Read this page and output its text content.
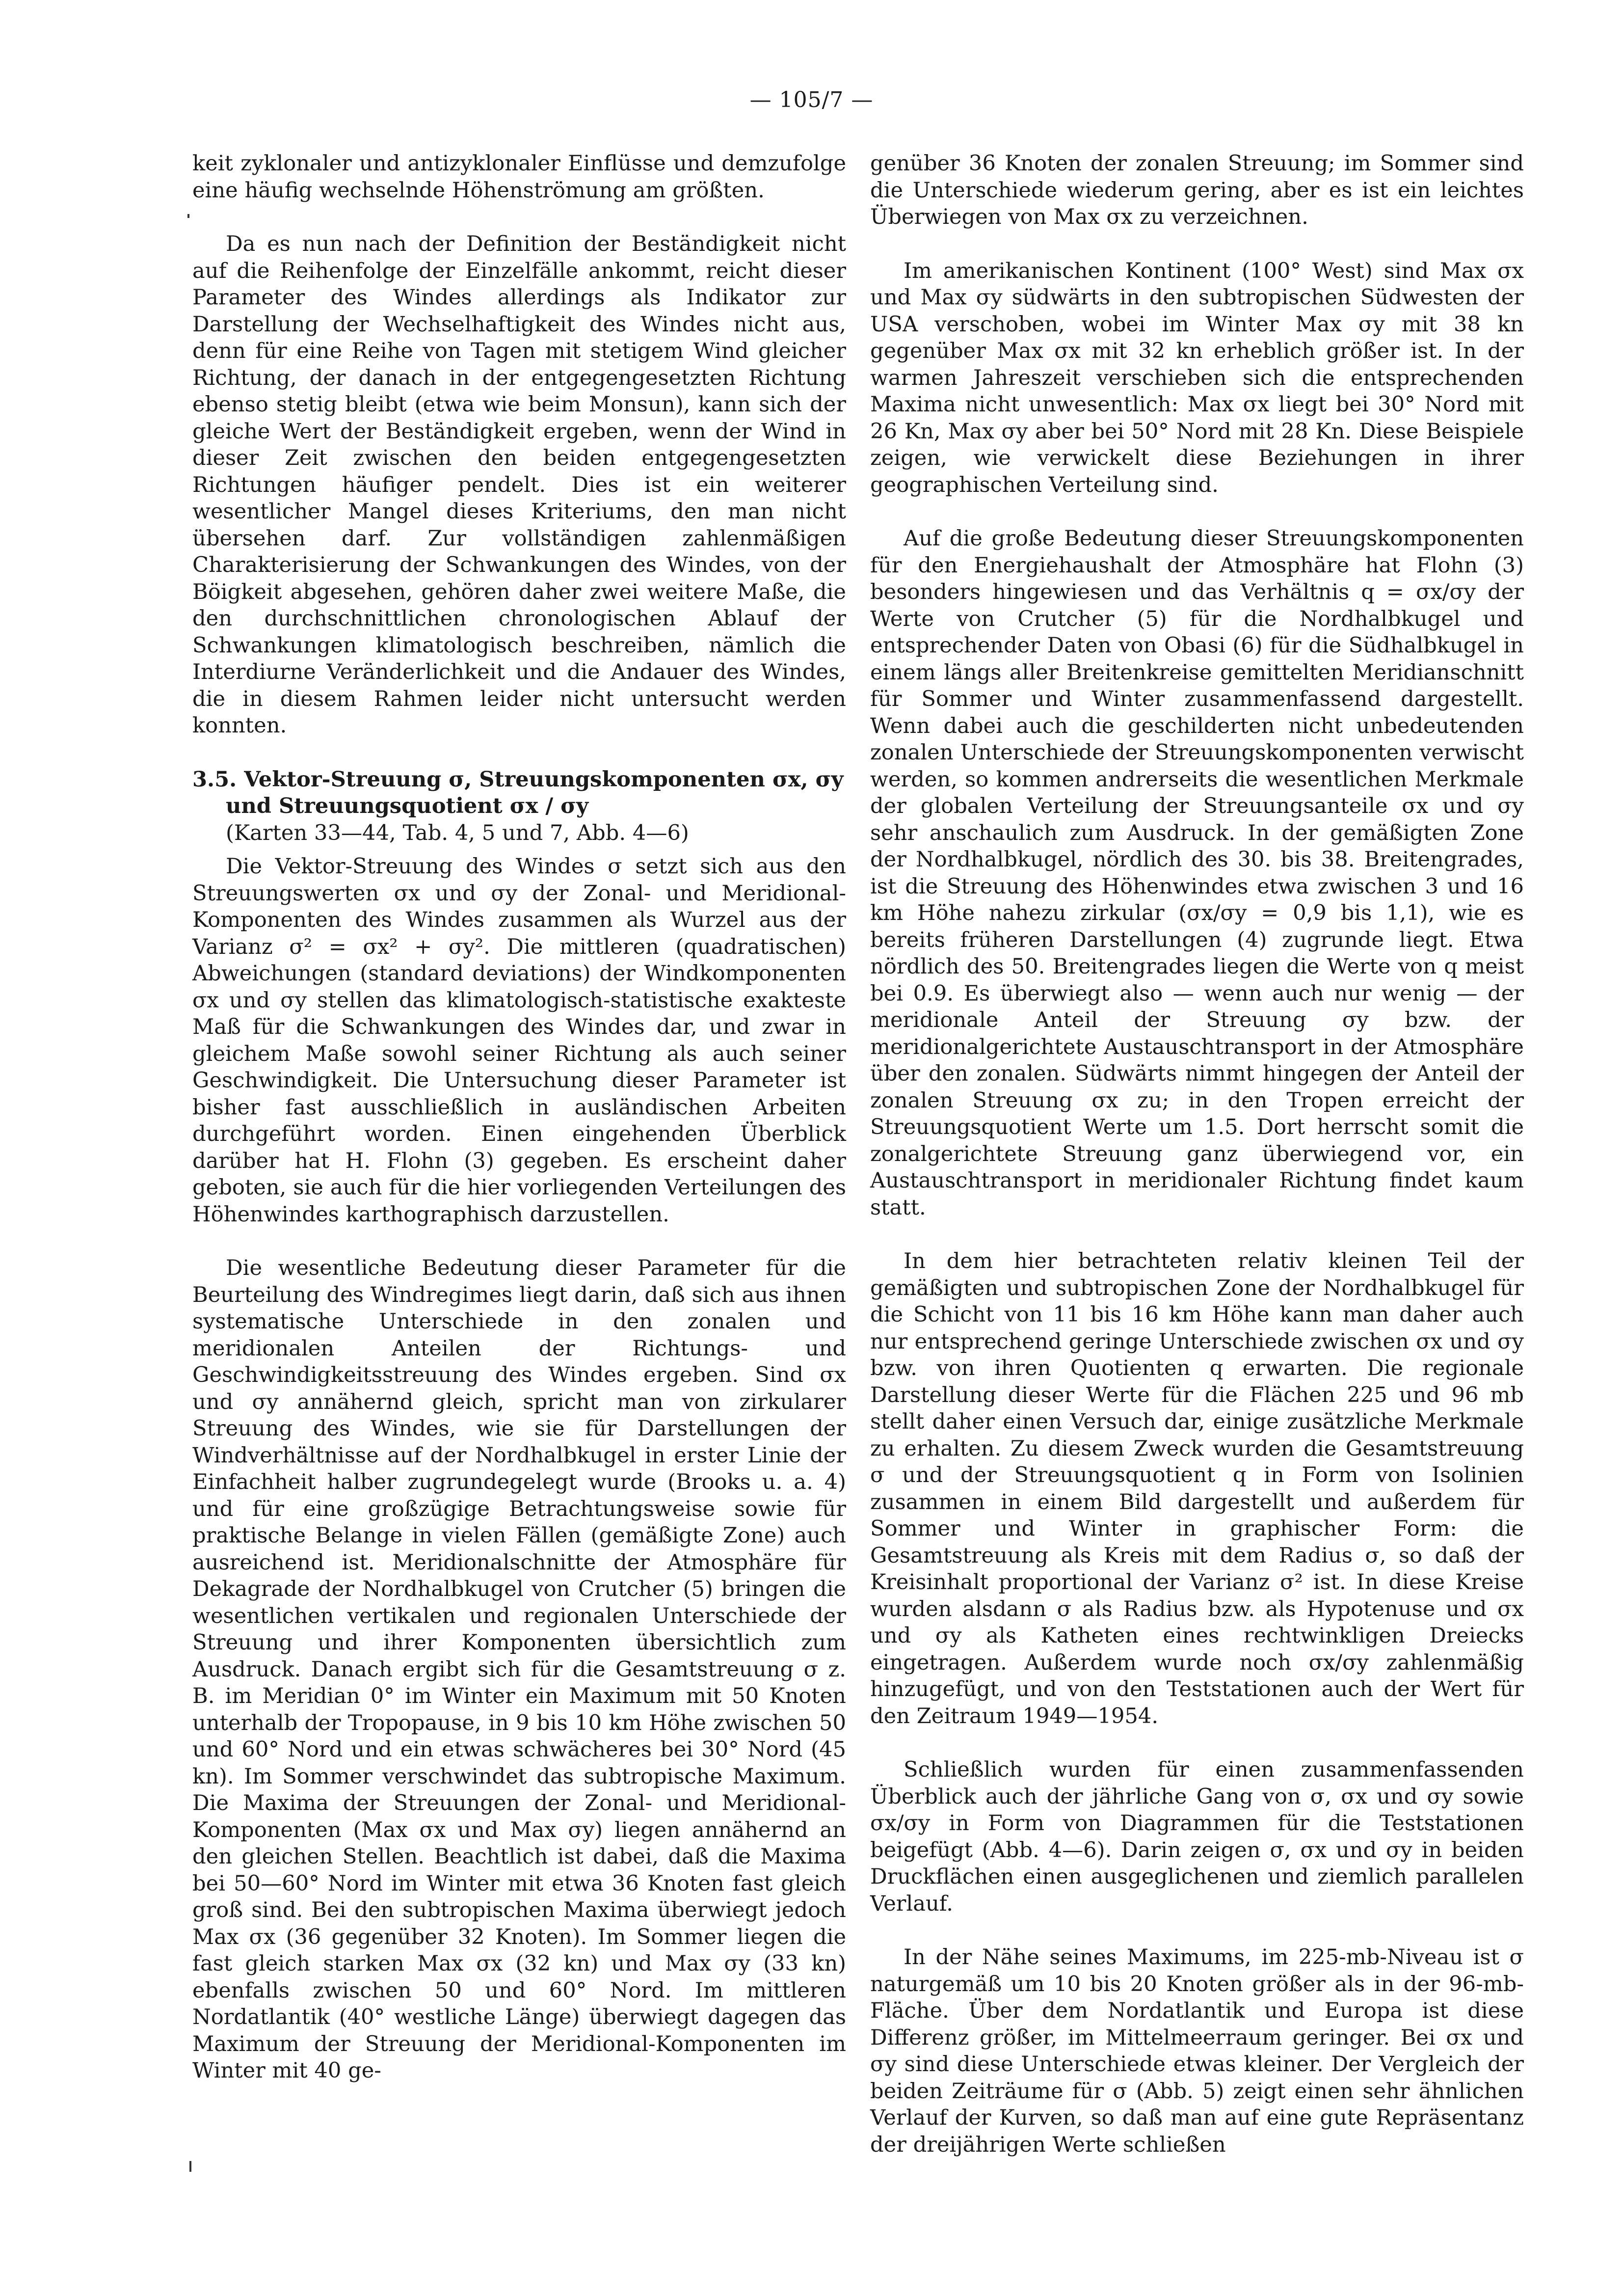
— 105/7 —

keit zyklonaler und antizyklonaler Einflüsse und demzufolge eine häufig wechselnde Höhenströmung am größten.

Da es nun nach der Definition der Beständigkeit nicht auf die Reihenfolge der Einzelfälle ankommt, reicht dieser Parameter des Windes allerdings als Indikator zur Darstellung der Wechselhaftigkeit des Windes nicht aus, denn für eine Reihe von Tagen mit stetigem Wind gleicher Richtung, der danach in der entgegengesetzten Richtung ebenso stetig bleibt (etwa wie beim Monsun), kann sich der gleiche Wert der Beständigkeit ergeben, wenn der Wind in dieser Zeit zwischen den beiden entgegengesetzten Richtungen häufiger pendelt. Dies ist ein weiterer wesentlicher Mangel dieses Kriteriums, den man nicht übersehen darf. Zur vollständigen zahlenmäßigen Charakterisierung der Schwankungen des Windes, von der Böigkeit abgesehen, gehören daher zwei weitere Maße, die den durchschnittlichen chronologischen Ablauf der Schwankungen klimatologisch beschreiben, nämlich die Interdiurne Veränderlichkeit und die Andauer des Windes, die in diesem Rahmen leider nicht untersucht werden konnten.

3.5. Vektor-Streuung σ, Streuungskomponenten σx, σy
und Streuungsquotient σx / σy
(Karten 33—44, Tab. 4, 5 und 7, Abb. 4—6)

Die Vektor-Streuung des Windes σ setzt sich aus den Streuungswerten σx und σy der Zonal- und Meridional-Komponenten des Windes zusammen als Wurzel aus der Varianz σ² = σx² + σy². Die mittleren (quadratischen) Abweichungen (standard deviations) der Windkomponenten σx und σy stellen das klimatologisch-statistische exakteste Maß für die Schwankungen des Windes dar, und zwar in gleichem Maße sowohl seiner Richtung als auch seiner Geschwindigkeit. Die Untersuchung dieser Parameter ist bisher fast ausschließlich in ausländischen Arbeiten durchgeführt worden. Einen eingehenden Überblick darüber hat H. Flohn (3) gegeben. Es erscheint daher geboten, sie auch für die hier vorliegenden Verteilungen des Höhenwindes karthographisch darzustellen.

Die wesentliche Bedeutung dieser Parameter für die Beurteilung des Windregimes liegt darin, daß sich aus ihnen systematische Unterschiede in den zonalen und meridionalen Anteilen der Richtungs- und Geschwindigkeitsstreuung des Windes ergeben. Sind σx und σy annähernd gleich, spricht man von zirkularer Streuung des Windes, wie sie für Darstellungen der Windverhältnisse auf der Nordhalbkugel in erster Linie der Einfachheit halber zugrundegelegt wurde (Brooks u. a. 4) und für eine großzügige Betrachtungsweise sowie für praktische Belange in vielen Fällen (gemäßigte Zone) auch ausreichend ist. Meridionalschnitte der Atmosphäre für Dekagrade der Nordhalbkugel von Crutcher (5) bringen die wesentlichen vertikalen und regionalen Unterschiede der Streuung und ihrer Komponenten übersichtlich zum Ausdruck. Danach ergibt sich für die Gesamtstreuung σ z. B. im Meridian 0° im Winter ein Maximum mit 50 Knoten unterhalb der Tropopause, in 9 bis 10 km Höhe zwischen 50 und 60° Nord und ein etwas schwächeres bei 30° Nord (45 kn). Im Sommer verschwindet das subtropische Maximum. Die Maxima der Streuungen der Zonal- und Meridional-Komponenten (Max σx und Max σy) liegen annähernd an den gleichen Stellen. Beachtlich ist dabei, daß die Maxima bei 50—60° Nord im Winter mit etwa 36 Knoten fast gleich groß sind. Bei den subtropischen Maxima überwiegt jedoch Max σx (36 gegenüber 32 Knoten). Im Sommer liegen die fast gleich starken Max σx (32 kn) und Max σy (33 kn) ebenfalls zwischen 50 und 60° Nord. Im mittleren Nordatlantik (40° westliche Länge) überwiegt dagegen das Maximum der Streuung der Meridional-Komponenten im Winter mit 40 ge-

genüber 36 Knoten der zonalen Streuung; im Sommer sind die Unterschiede wiederum gering, aber es ist ein leichtes Überwiegen von Max σx zu verzeichnen.

Im amerikanischen Kontinent (100° West) sind Max σx und Max σy südwärts in den subtropischen Südwesten der USA verschoben, wobei im Winter Max σy mit 38 kn gegenüber Max σx mit 32 kn erheblich größer ist. In der warmen Jahreszeit verschieben sich die entsprechenden Maxima nicht unwesentlich: Max σx liegt bei 30° Nord mit 26 Kn, Max σy aber bei 50° Nord mit 28 Kn. Diese Beispiele zeigen, wie verwickelt diese Beziehungen in ihrer geographischen Verteilung sind.

Auf die große Bedeutung dieser Streuungskomponenten für den Energiehaushalt der Atmosphäre hat Flohn (3) besonders hingewiesen und das Verhältnis q = σx/σy der Werte von Crutcher (5) für die Nordhalbkugel und entsprechender Daten von Obasi (6) für die Südhalbkugel in einem längs aller Breitenkreise gemittelten Meridianschnitt für Sommer und Winter zusammenfassend dargestellt. Wenn dabei auch die geschilderten nicht unbedeutenden zonalen Unterschiede der Streuungskomponenten verwischt werden, so kommen andrerseits die wesentlichen Merkmale der globalen Verteilung der Streuungsanteile σx und σy sehr anschaulich zum Ausdruck. In der gemäßigten Zone der Nordhalbkugel, nördlich des 30. bis 38. Breitengrades, ist die Streuung des Höhenwindes etwa zwischen 3 und 16 km Höhe nahezu zirkular (σx/σy = 0,9 bis 1,1), wie es bereits früheren Darstellungen (4) zugrunde liegt. Etwa nördlich des 50. Breitengrades liegen die Werte von q meist bei 0.9. Es überwiegt also — wenn auch nur wenig — der meridionale Anteil der Streuung σy bzw. der meridionalgerichtete Austauschtransport in der Atmosphäre über den zonalen. Südwärts nimmt hingegen der Anteil der zonalen Streuung σx zu; in den Tropen erreicht der Streuungsquotient Werte um 1.5. Dort herrscht somit die zonalgerichtete Streuung ganz überwiegend vor, ein Austauschtransport in meridionaler Richtung findet kaum statt.

In dem hier betrachteten relativ kleinen Teil der gemäßigten und subtropischen Zone der Nordhalbkugel für die Schicht von 11 bis 16 km Höhe kann man daher auch nur entsprechend geringe Unterschiede zwischen σx und σy bzw. von ihren Quotienten q erwarten. Die regionale Darstellung dieser Werte für die Flächen 225 und 96 mb stellt daher einen Versuch dar, einige zusätzliche Merkmale zu erhalten. Zu diesem Zweck wurden die Gesamtstreuung σ und der Streuungsquotient q in Form von Isolinien zusammen in einem Bild dargestellt und außerdem für Sommer und Winter in graphischer Form: die Gesamtstreuung als Kreis mit dem Radius σ, so daß der Kreisinhalt proportional der Varianz σ² ist. In diese Kreise wurden alsdann σ als Radius bzw. als Hypotenuse und σx und σy als Katheten eines rechtwinkligen Dreiecks eingetragen. Außerdem wurde noch σx/σy zahlenmäßig hinzugefügt, und von den Teststationen auch der Wert für den Zeitraum 1949—1954.

Schließlich wurden für einen zusammenfassenden Überblick auch der jährliche Gang von σ, σx und σy sowie σx/σy in Form von Diagrammen für die Teststationen beigefügt (Abb. 4—6). Darin zeigen σ, σx und σy in beiden Druckflächen einen ausgeglichenen und ziemlich parallelen Verlauf.

In der Nähe seines Maximums, im 225-mb-Niveau ist σ naturgemäß um 10 bis 20 Knoten größer als in der 96-mb-Fläche. Über dem Nordatlantik und Europa ist diese Differenz größer, im Mittelmeerraum geringer. Bei σx und σy sind diese Unterschiede etwas kleiner. Der Vergleich der beiden Zeiträume für σ (Abb. 5) zeigt einen sehr ähnlichen Verlauf der Kurven, so daß man auf eine gute Repräsentanz der dreijährigen Werte schließen
